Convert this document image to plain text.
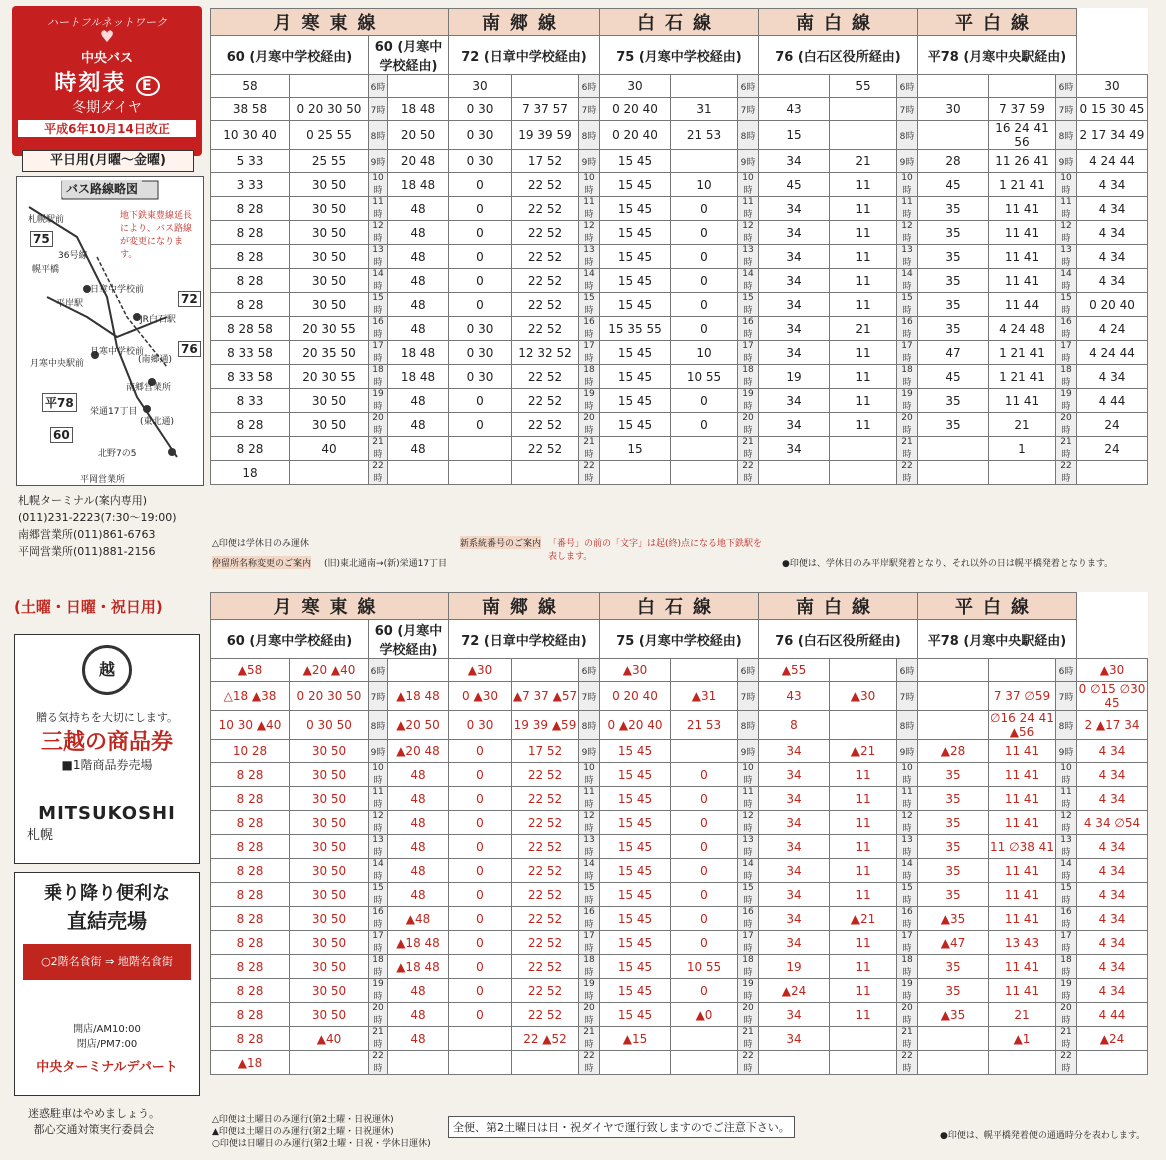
ハートフルネットワーク
♥
中央バス
時刻表 E
冬期ダイヤ
平成6年10月14日改正
平日用(月曜〜金曜)
バス路線略図
地下鉄東豊線延長により、バス路線が変更になります。
札幌駅前
幌平橋
平岸駅
日章中学校前
JR白石駅
月寒中学校前
月寒中央駅前	(南郷通)
南郷営業所
栄通17丁目
北野7の5
平岡営業所
36号線
(東北通)
75
72
76
平78
60
札幌ターミナル(案内専用)
(011)231-2223(7:30〜19:00)
南郷営業所(011)861-6763
平岡営業所(011)881-2156
月寒東線				南郷線			白石線			南白線			平白線			
60 (月寒中学校経由)		60 (月寒中学校経由)		72 (日章中学校経由)			75 (月寒中学校経由)			76 (白石区役所経由)			平78 (月寒中央駅経由)			

58		6時		30		6時	30		6時		55	6時			6時	30
38 58	0 20 30 50	7時	18 48	0 30	7 37 57	7時	0 20 40	31	7時	43		7時	30	7 37 59	7時	0 15 30 45
10 30 40	0 25 55	8時	20 50	0 30	19 39 59	8時	0 20 40	21 53	8時	15		8時		16 24 41 56	8時	2 17 34 49
5 33	25 55	9時	20 48	0 30	17 52	9時	15 45		9時	34	21	9時	28	11 26 41	9時	4 24 44
3 33	30 50	10時	18 48	0	22 52	10時	15 45	10	10時	45	11	10時	45	1 21 41	10時	4 34
8 28	30 50	11時	48	0	22 52	11時	15 45	0	11時	34	11	11時	35	11 41	11時	4 34
8 28	30 50	12時	48	0	22 52	12時	15 45	0	12時	34	11	12時	35	11 41	12時	4 34
8 28	30 50	13時	48	0	22 52	13時	15 45	0	13時	34	11	13時	35	11 41	13時	4 34
8 28	30 50	14時	48	0	22 52	14時	15 45	0	14時	34	11	14時	35	11 41	14時	4 34
8 28	30 50	15時	48	0	22 52	15時	15 45	0	15時	34	11	15時	35	11 44	15時	0 20 40
8 28 58	20 30 55	16時	48	0 30	22 52	16時	15 35 55	0	16時	34	21	16時	35	4 24 48	16時	4 24
8 33 58	20 35 50	17時	18 48	0 30	12 32 52	17時	15 45	10	17時	34	11	17時	47	1 21 41	17時	4 24 44
8 33 58	20 30 55	18時	18 48	0 30	22 52	18時	15 45	10 55	18時	19	11	18時	45	1 21 41	18時	4 34
8 33	30 50	19時	48	0	22 52	19時	15 45	0	19時	34	11	19時	35	11 41	19時	4 44
8 28	30 50	20時	48	0	22 52	20時	15 45	0	20時	34	11	20時	35	21	20時	24
8 28	40	21時	48		22 52	21時	15		21時	34		21時		1	21時	24
18		22時				22時			22時			22時			22時	
△印便は学休日のみ運休
停留所名称変更のご案内 (旧)東北通南→(新)栄通17丁目
新系統番号のご案内 「番号」の前の「文字」は起(終)点になる地下鉄駅を表します。
●印便は、学休日のみ平岸駅発着となり、それ以外の日は幌平橋発着となります。
(土曜・日曜・祝日用)
越
贈る気持ちを大切にします。
三越の商品券
■1階商品券売場
MITSUKOSHI
札幌
乗り降り便利な
直結売場
○2階名食街 ⇒ 地階名食街
開店/AM10:00
閉店/PM7:00
中央ターミナルデパート
迷惑駐車はやめましょう。
都心交通対策実行委員会
月寒東線				南郷線			白石線			南白線			平白線			
60 (月寒中学校経由)		60 (月寒中学校経由)		72 (日章中学校経由)			75 (月寒中学校経由)			76 (白石区役所経由)			平78 (月寒中央駅経由)			

▲58	▲20 ▲40	6時		▲30		6時	▲30		6時	▲55		6時			6時	▲30
△18 ▲38	0 20 30 50	7時	▲18 48	0 ▲30	▲7 37 ▲57	7時	0 20 40	▲31	7時	43	▲30	7時		7 37 ∅59	7時	0 ∅15 ∅30 45
10 30 ▲40	0 30 50	8時	▲20 50	0 30	19 39 ▲59	8時	0 ▲20 40	21 53	8時	8		8時		∅16 24 41 ▲56	8時	2 ▲17 34
10 28	30 50	9時	▲20 48	0	17 52	9時	15 45		9時	34	▲21	9時	▲28	11 41	9時	4 34
8 28	30 50	10時	48	0	22 52	10時	15 45	0	10時	34	11	10時	35	11 41	10時	4 34
8 28	30 50	11時	48	0	22 52	11時	15 45	0	11時	34	11	11時	35	11 41	11時	4 34
8 28	30 50	12時	48	0	22 52	12時	15 45	0	12時	34	11	12時	35	11 41	12時	4 34 ∅54
8 28	30 50	13時	48	0	22 52	13時	15 45	0	13時	34	11	13時	35	11 ∅38 41	13時	4 34
8 28	30 50	14時	48	0	22 52	14時	15 45	0	14時	34	11	14時	35	11 41	14時	4 34
8 28	30 50	15時	48	0	22 52	15時	15 45	0	15時	34	11	15時	35	11 41	15時	4 34
8 28	30 50	16時	▲48	0	22 52	16時	15 45	0	16時	34	▲21	16時	▲35	11 41	16時	4 34
8 28	30 50	17時	▲18 48	0	22 52	17時	15 45	0	17時	34	11	17時	▲47	13 43	17時	4 34
8 28	30 50	18時	▲18 48	0	22 52	18時	15 45	10 55	18時	19	11	18時	35	11 41	18時	4 34
8 28	30 50	19時	48	0	22 52	19時	15 45	0	19時	▲24	11	19時	35	11 41	19時	4 34
8 28	30 50	20時	48	0	22 52	20時	15 45	▲0	20時	34	11	20時	▲35	21	20時	4 44
8 28	▲40	21時	48		22 ▲52	21時	▲15		21時	34		21時		▲1	21時	▲24
▲18		22時				22時			22時			22時			22時	
▲印便は土曜日のみ運行(第2土曜・日祝運休)
△印便は土曜日のみ運行(第2土曜・日祝運休)
○印便は日曜日のみ運行(第2土曜・日祝・学休日運休)
全便、第2土曜日は日・祝ダイヤで運行致しますのでご注意下さい。
●印便は、幌平橋発着便の通過時分を表わします。
